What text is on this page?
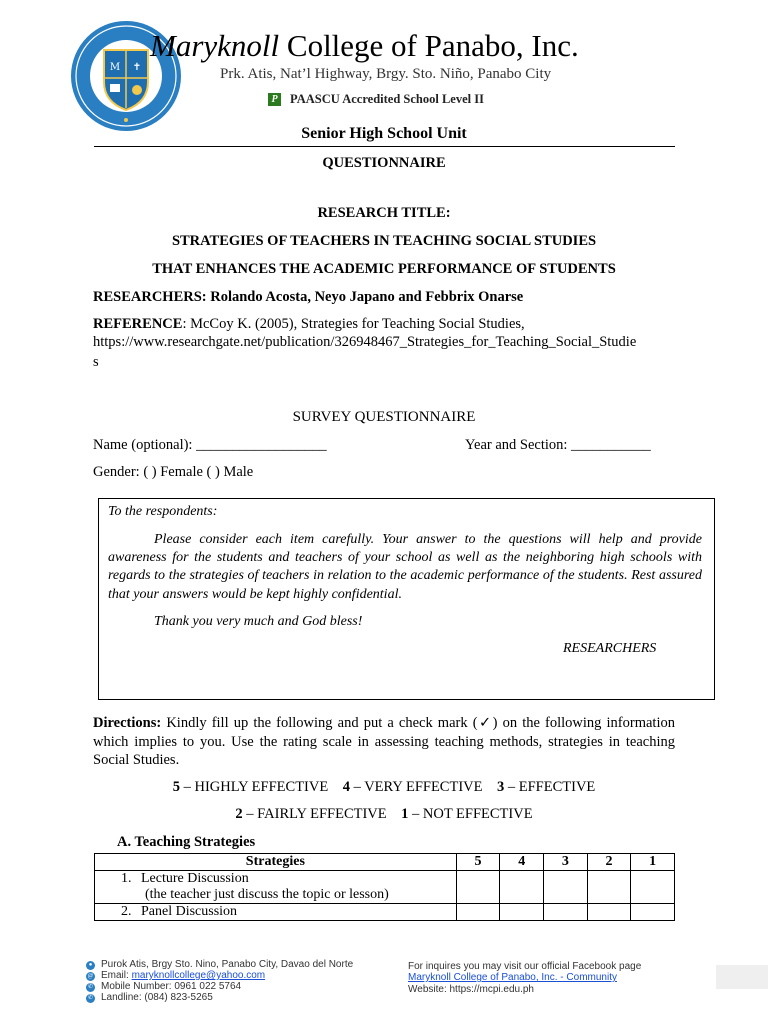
M ✝
Maryknoll College of Panabo, Inc.
Prk. Atis, Nat’l Highway, Brgy. Sto. Niño, Panabo City
P PAASCU Accredited School Level II
Senior High School Unit
QUESTIONNAIRE
RESEARCH TITLE:
STRATEGIES OF TEACHERS IN TEACHING SOCIAL STUDIES
THAT ENHANCES THE ACADEMIC PERFORMANCE OF STUDENTS
RESEARCHERS: Rolando Acosta, Neyo Japano and Febbrix Onarse
REFERENCE: McCoy K. (2005), Strategies for Teaching Social Studies,
https://www.researchgate.net/publication/326948467_Strategies_for_Teaching_Social_Studie
s
SURVEY QUESTIONNAIRE
Name (optional): __________________	Year and Section: ___________
Gender: ( ) Female ( ) Male
To the respondents:
Please consider each item carefully. Your answer to the questions will help and provide awareness for the students and teachers of your school as well as the neighboring high schools with regards to the strategies of teachers in relation to the academic performance of the students. Rest assured that your answers would be kept highly confidential.
Thank you very much and God bless!
RESEARCHERS
Directions: Kindly fill up the following and put a check mark (✓) on the following information which implies to you. Use the rating scale in assessing teaching methods, strategies in teaching Social Studies.
5 – HIGHLY EFFECTIVE 4 – VERY EFFECTIVE 3 – EFFECTIVE
2 – FAIRLY EFFECTIVE 1 – NOT EFFECTIVE
A. Teaching Strategies
Strategies	5	4	3	2	1
1. Lecture Discussion
(the teacher just discuss the topic or lesson)					

2. Panel Discussion					
● Purok Atis, Brgy Sto. Nino, Panabo City, Davao del Norte
@ Email: maryknollcollege@yahoo.com
✆ Mobile Number: 0961 022 5764
✆ Landline: (084) 823-5265
For inquires you may visit our official Facebook page
Maryknoll College of Panabo, Inc. - Community
Website: https://mcpi.edu.ph
